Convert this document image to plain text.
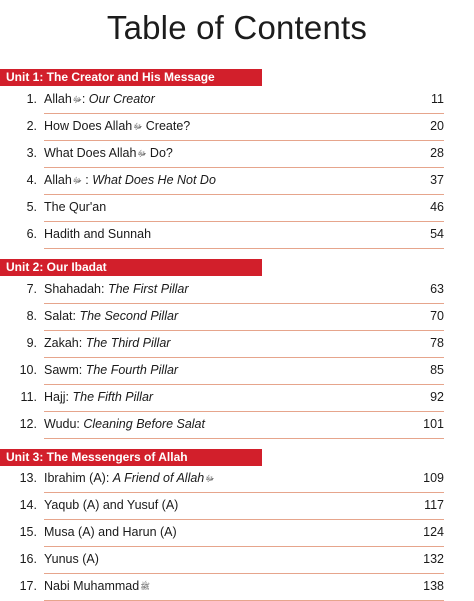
Table of Contents
Unit 1: The Creator and His Message
Unit 2: Our Ibadat
Unit 3: The Messengers of Allah
1. Allahﷻ: Our Creator	11
2. How Does Allahﷻ Create?	20
3. What Does Allahﷻ Do?	28
4. Allahﷻ : What Does He Not Do	37
5. The Qur'an	46
6. Hadith and Sunnah	54
7. Shahadah: The First Pillar	63
8. Salat: The Second Pillar	70
9. Zakah: The Third Pillar	78
10. Sawm: The Fourth Pillar	85
11. Hajj: The Fifth Pillar	92
12. Wudu: Cleaning Before Salat	101
13. Ibrahim (A): A Friend of Allahﷻ	109
14. Yaqub (A) and Yusuf (A)	117
15. Musa (A) and Harun (A)	124
16. Yunus (A)	132
17. Nabi Muhammadﷺ	138
